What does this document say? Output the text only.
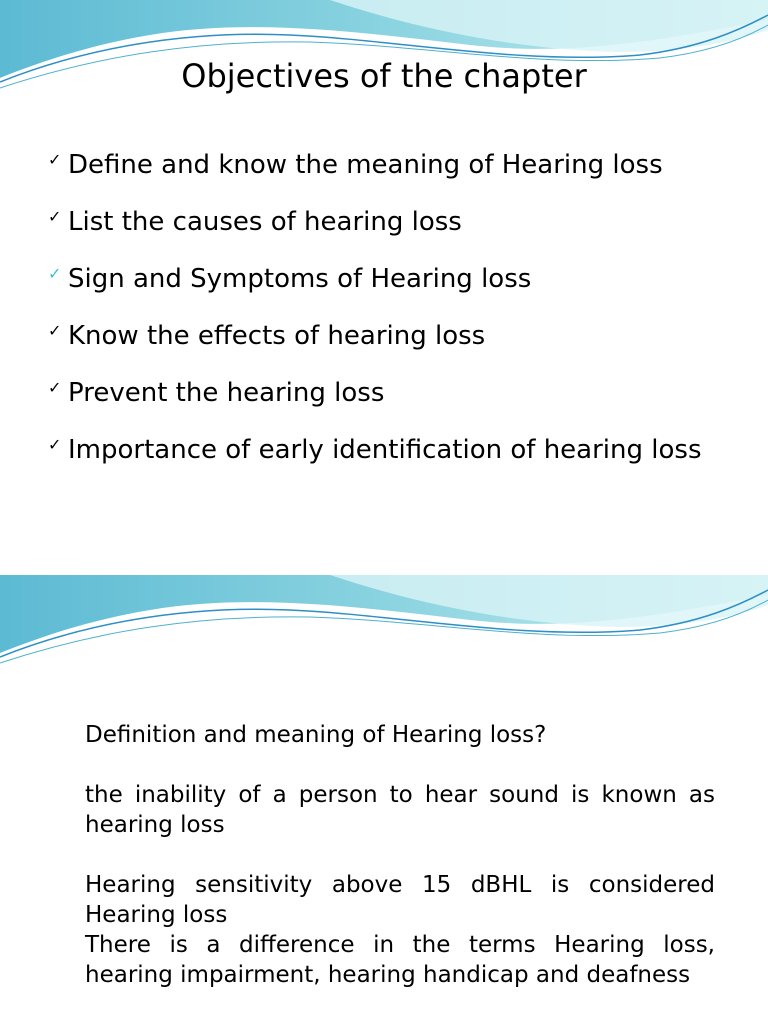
Objectives of the chapter
✓ Define and know the meaning of Hearing loss
✓ List the causes of hearing loss
✓ Sign and Symptoms of Hearing loss
✓ Know the effects of hearing loss
✓ Prevent the hearing loss
✓ Importance of early identification of hearing loss

Definition and meaning of Hearing loss?

the inability of a person to hear sound is known as hearing loss

Hearing sensitivity above 15 dBHL is considered Hearing loss

There is a difference in the terms Hearing loss, hearing impairment, hearing handicap and deafness
